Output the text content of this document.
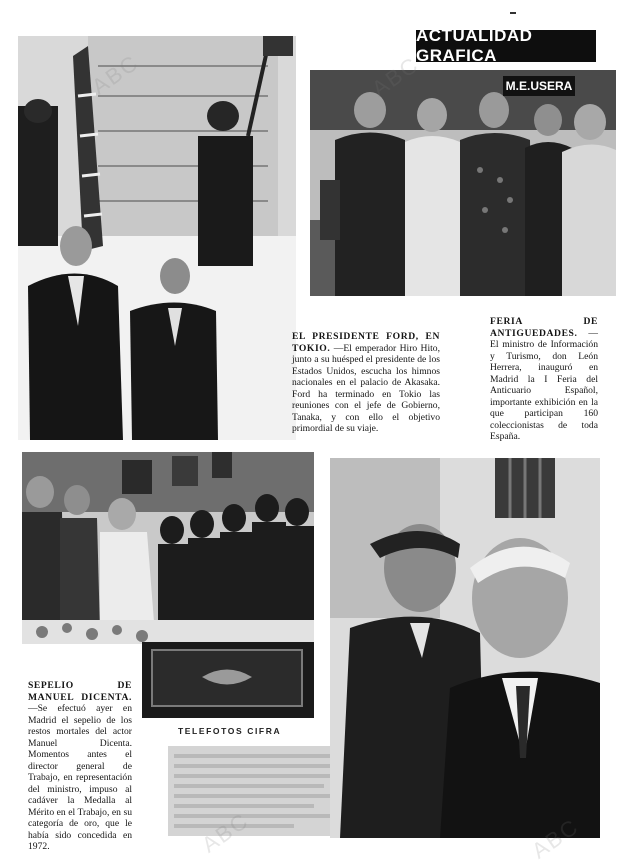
ACTUALIDAD GRAFICA
M.E.USERA
EL PRESIDENTE FORD, EN TOKIO. —El emperador Hiro Hito, junto a su huésped el presidente de los Estados Unidos, escucha los himnos nacionales en el palacio de Akasaka. Ford ha terminado en Tokio las reuniones con el jefe de Gobierno, Tanaka, y con ello el objetivo primordial de su viaje.
FERIA DE ANTIGUEDADES. —El ministro de Información y Turismo, don León Herrera, inauguró en Madrid la I Feria del Anticuario Español, importante exhibición en la que participan 160 coleccionistas de toda España.
SEPELIO DE MANUEL DICENTA. —Se efectuó ayer en Madrid el sepelio de los restos mortales del actor Manuel Dicenta. Momentos antes el director general de Trabajo, en representación del ministro, impuso al cadáver la Medalla al Mérito en el Trabajo, en su categoría de oro, que le había sido concedida en 1972.
TELEFOTOS CIFRA
ABC
